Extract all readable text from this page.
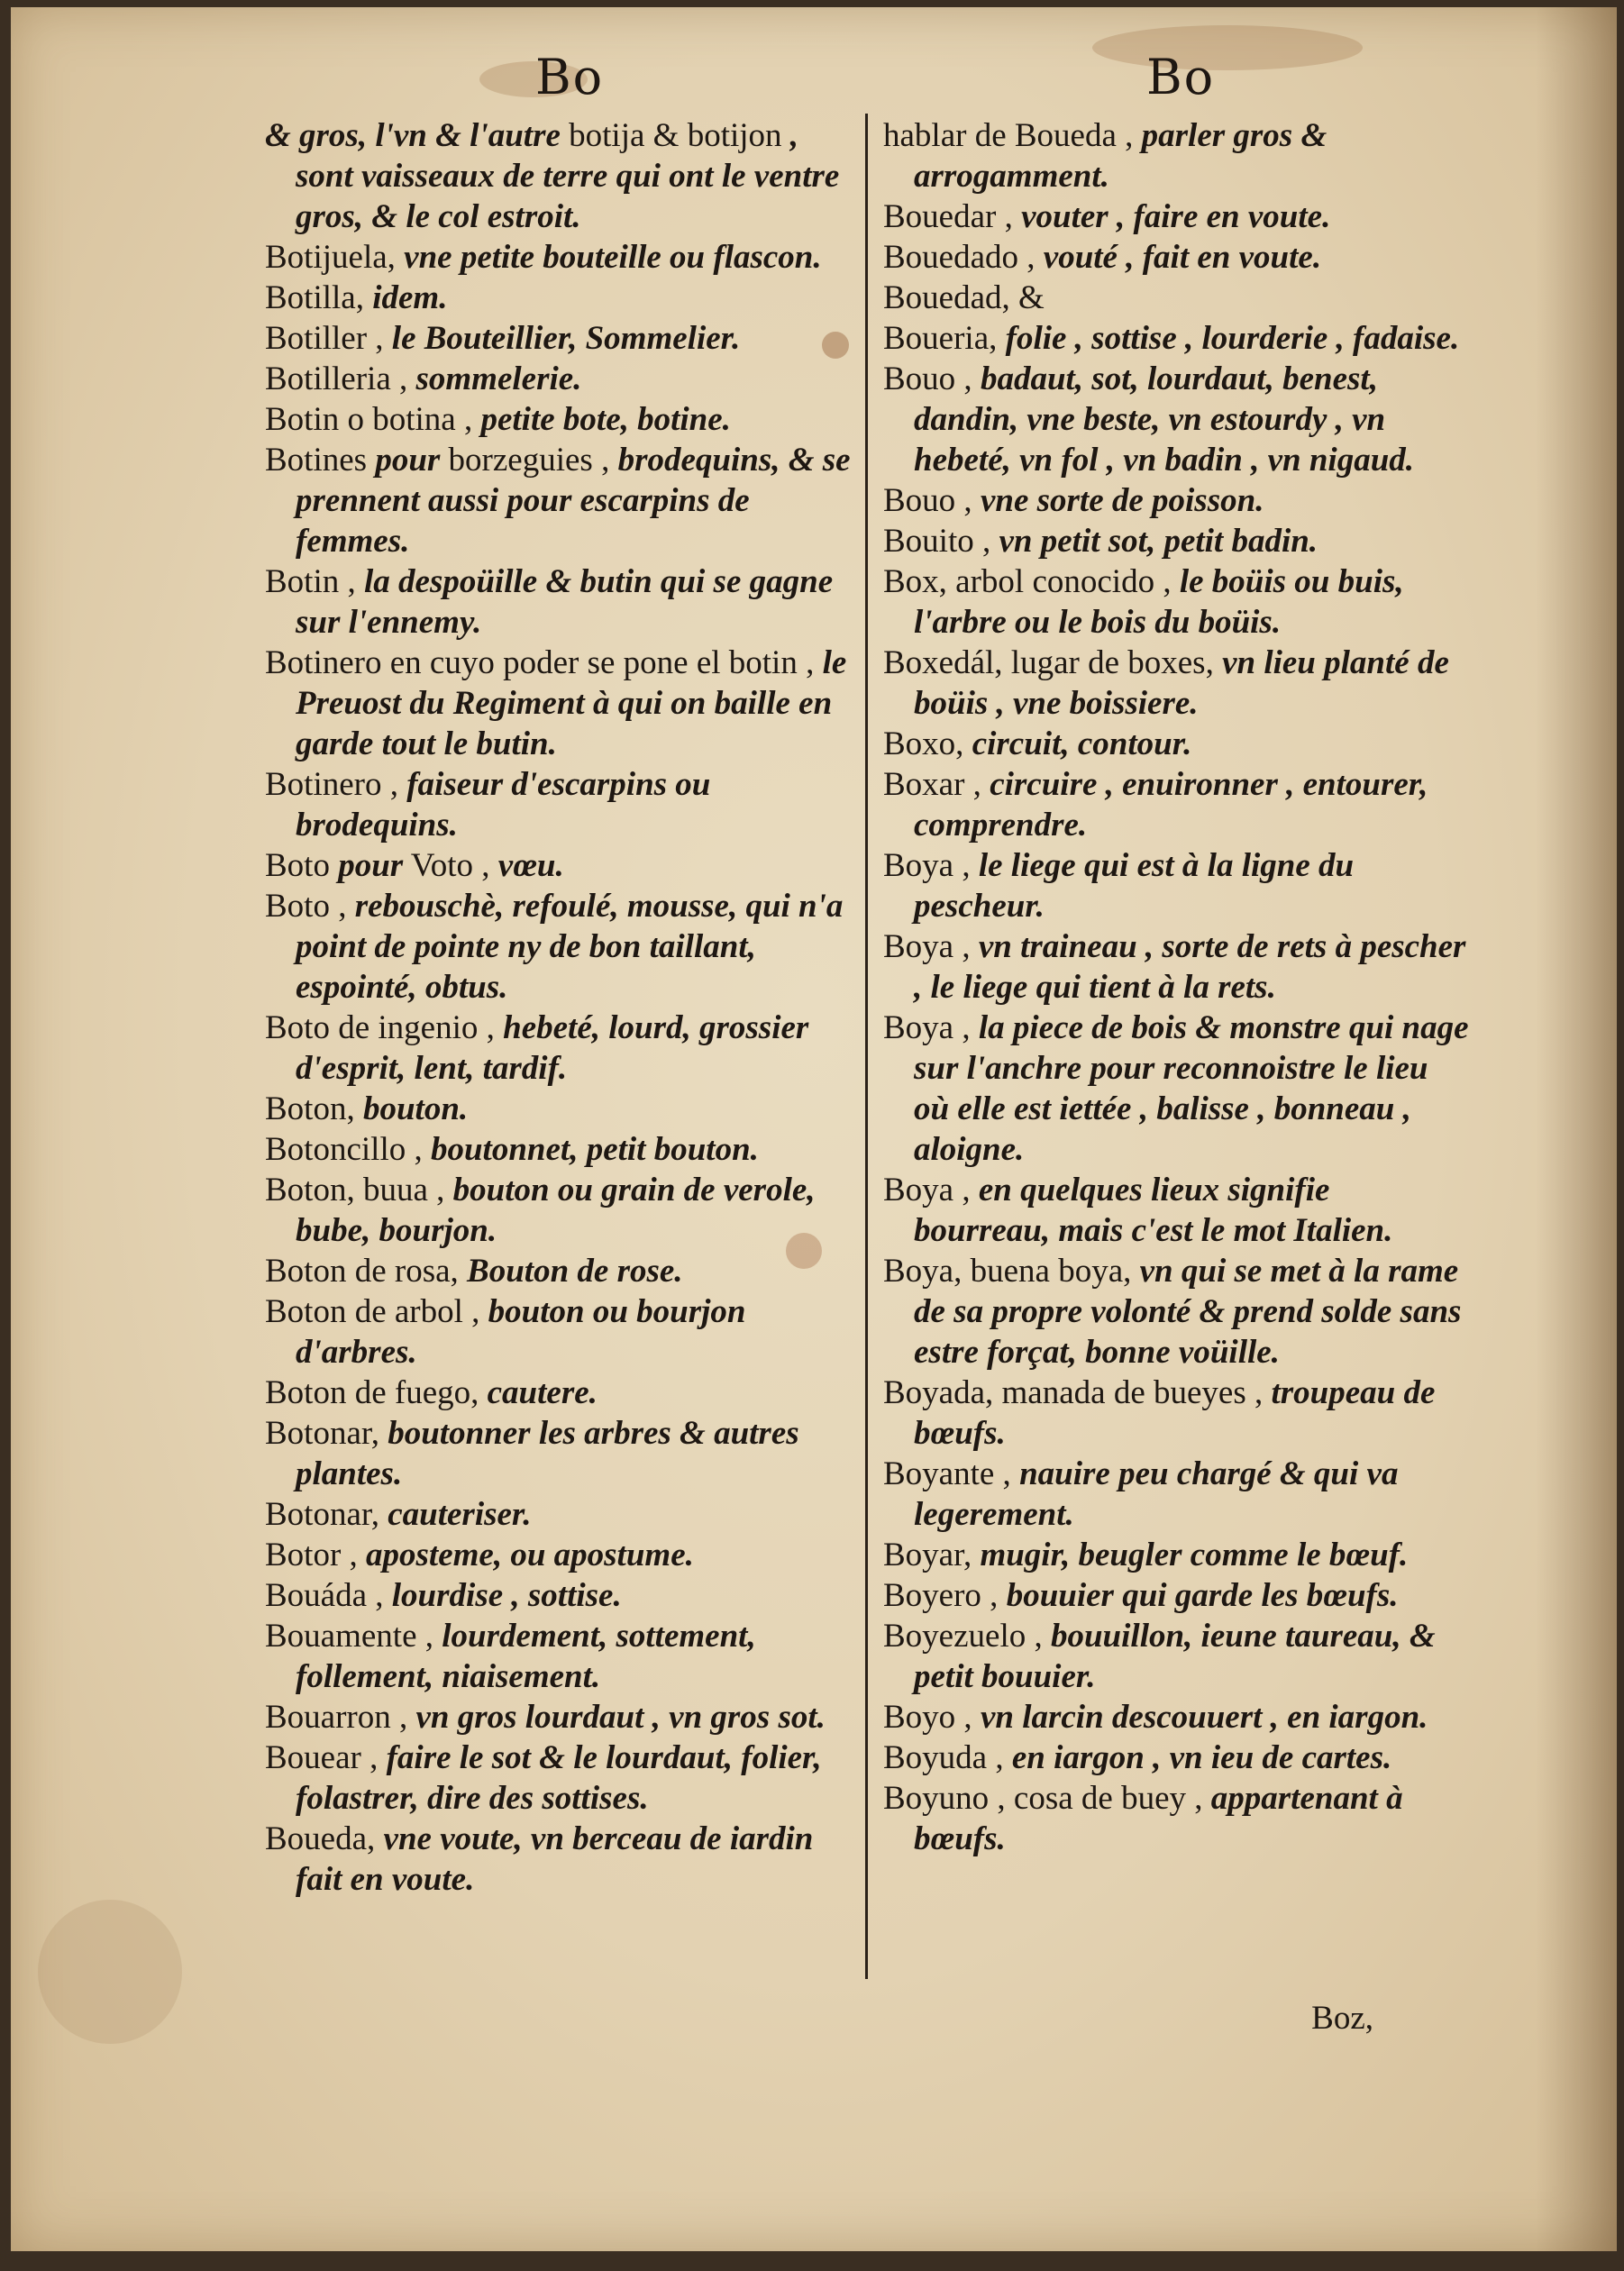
Bo	Bo

& gros, l'vn & l'autre botija & botijon , sont vaisseaux de terre qui ont le ventre gros, & le col estroit.

Botijuela, vne petite bouteille ou flascon.

Botilla, idem.

Botiller , le Bouteillier, Sommelier.

Botilleria , sommelerie.

Botin o botina , petite bote, botine.

Botines pour borzeguies , brodequins, & se prennent aussi pour escarpins de femmes.

Botin , la despoüille & butin qui se gagne sur l'ennemy.

Botinero en cuyo poder se pone el botin , le Preuost du Regiment à qui on baille en garde tout le butin.

Botinero , faiseur d'escarpins ou brodequins.

Boto pour Voto , vœu.

Boto , rebouschè, refoulé, mousse, qui n'a point de pointe ny de bon taillant, espointé, obtus.

Boto de ingenio , hebeté, lourd, grossier d'esprit, lent, tardif.

Boton, bouton.

Botoncillo , boutonnet, petit bouton.

Boton, buua , bouton ou grain de verole, bube, bourjon.

Boton de rosa, Bouton de rose.

Boton de arbol , bouton ou bourjon d'arbres.

Boton de fuego, cautere.

Botonar, boutonner les arbres & autres plantes.

Botonar, cauteriser.

Botor , aposteme, ou apostume.

Bouáda , lourdise , sottise.

Bouamente , lourdement, sottement, follement, niaisement.

Bouarron , vn gros lourdaut , vn gros sot.

Bouear , faire le sot & le lourdaut, folier, folastrer, dire des sottises.

Boueda, vne voute, vn berceau de iardin fait en voute.

hablar de Boueda , parler gros & arrogamment.

Bouedar , vouter , faire en voute.

Bouedado , vouté , fait en voute.

Bouedad, &

Boueria, folie , sottise , lourderie , fadaise.

Bouo , badaut, sot, lourdaut, benest, dandin, vne beste, vn estourdy , vn hebeté, vn fol , vn badin , vn nigaud.

Bouo , vne sorte de poisson.

Bouito , vn petit sot, petit badin.

Box, arbol conocido , le boüis ou buis, l'arbre ou le bois du boüis.

Boxedál, lugar de boxes, vn lieu planté de boüis , vne boissiere.

Boxo, circuit, contour.

Boxar , circuire , enuironner , entourer, comprendre.

Boya , le liege qui est à la ligne du pescheur.

Boya , vn traineau , sorte de rets à pescher , le liege qui tient à la rets.

Boya , la piece de bois & monstre qui nage sur l'anchre pour reconnoistre le lieu où elle est iettée , balisse , bonneau , aloigne.

Boya , en quelques lieux signifie bourreau, mais c'est le mot Italien.

Boya, buena boya, vn qui se met à la rame de sa propre volonté & prend solde sans estre forçat, bonne voüille.

Boyada, manada de bueyes , troupeau de bœufs.

Boyante , nauire peu chargé & qui va legerement.

Boyar, mugir, beugler comme le bœuf.

Boyero , bouuier qui garde les bœufs.

Boyezuelo , bouuillon, ieune taureau, & petit bouuier.

Boyo , vn larcin descouuert , en iargon.

Boyuda , en iargon , vn ieu de cartes.

Boyuno , cosa de buey , appartenant à bœufs.

Boz,
